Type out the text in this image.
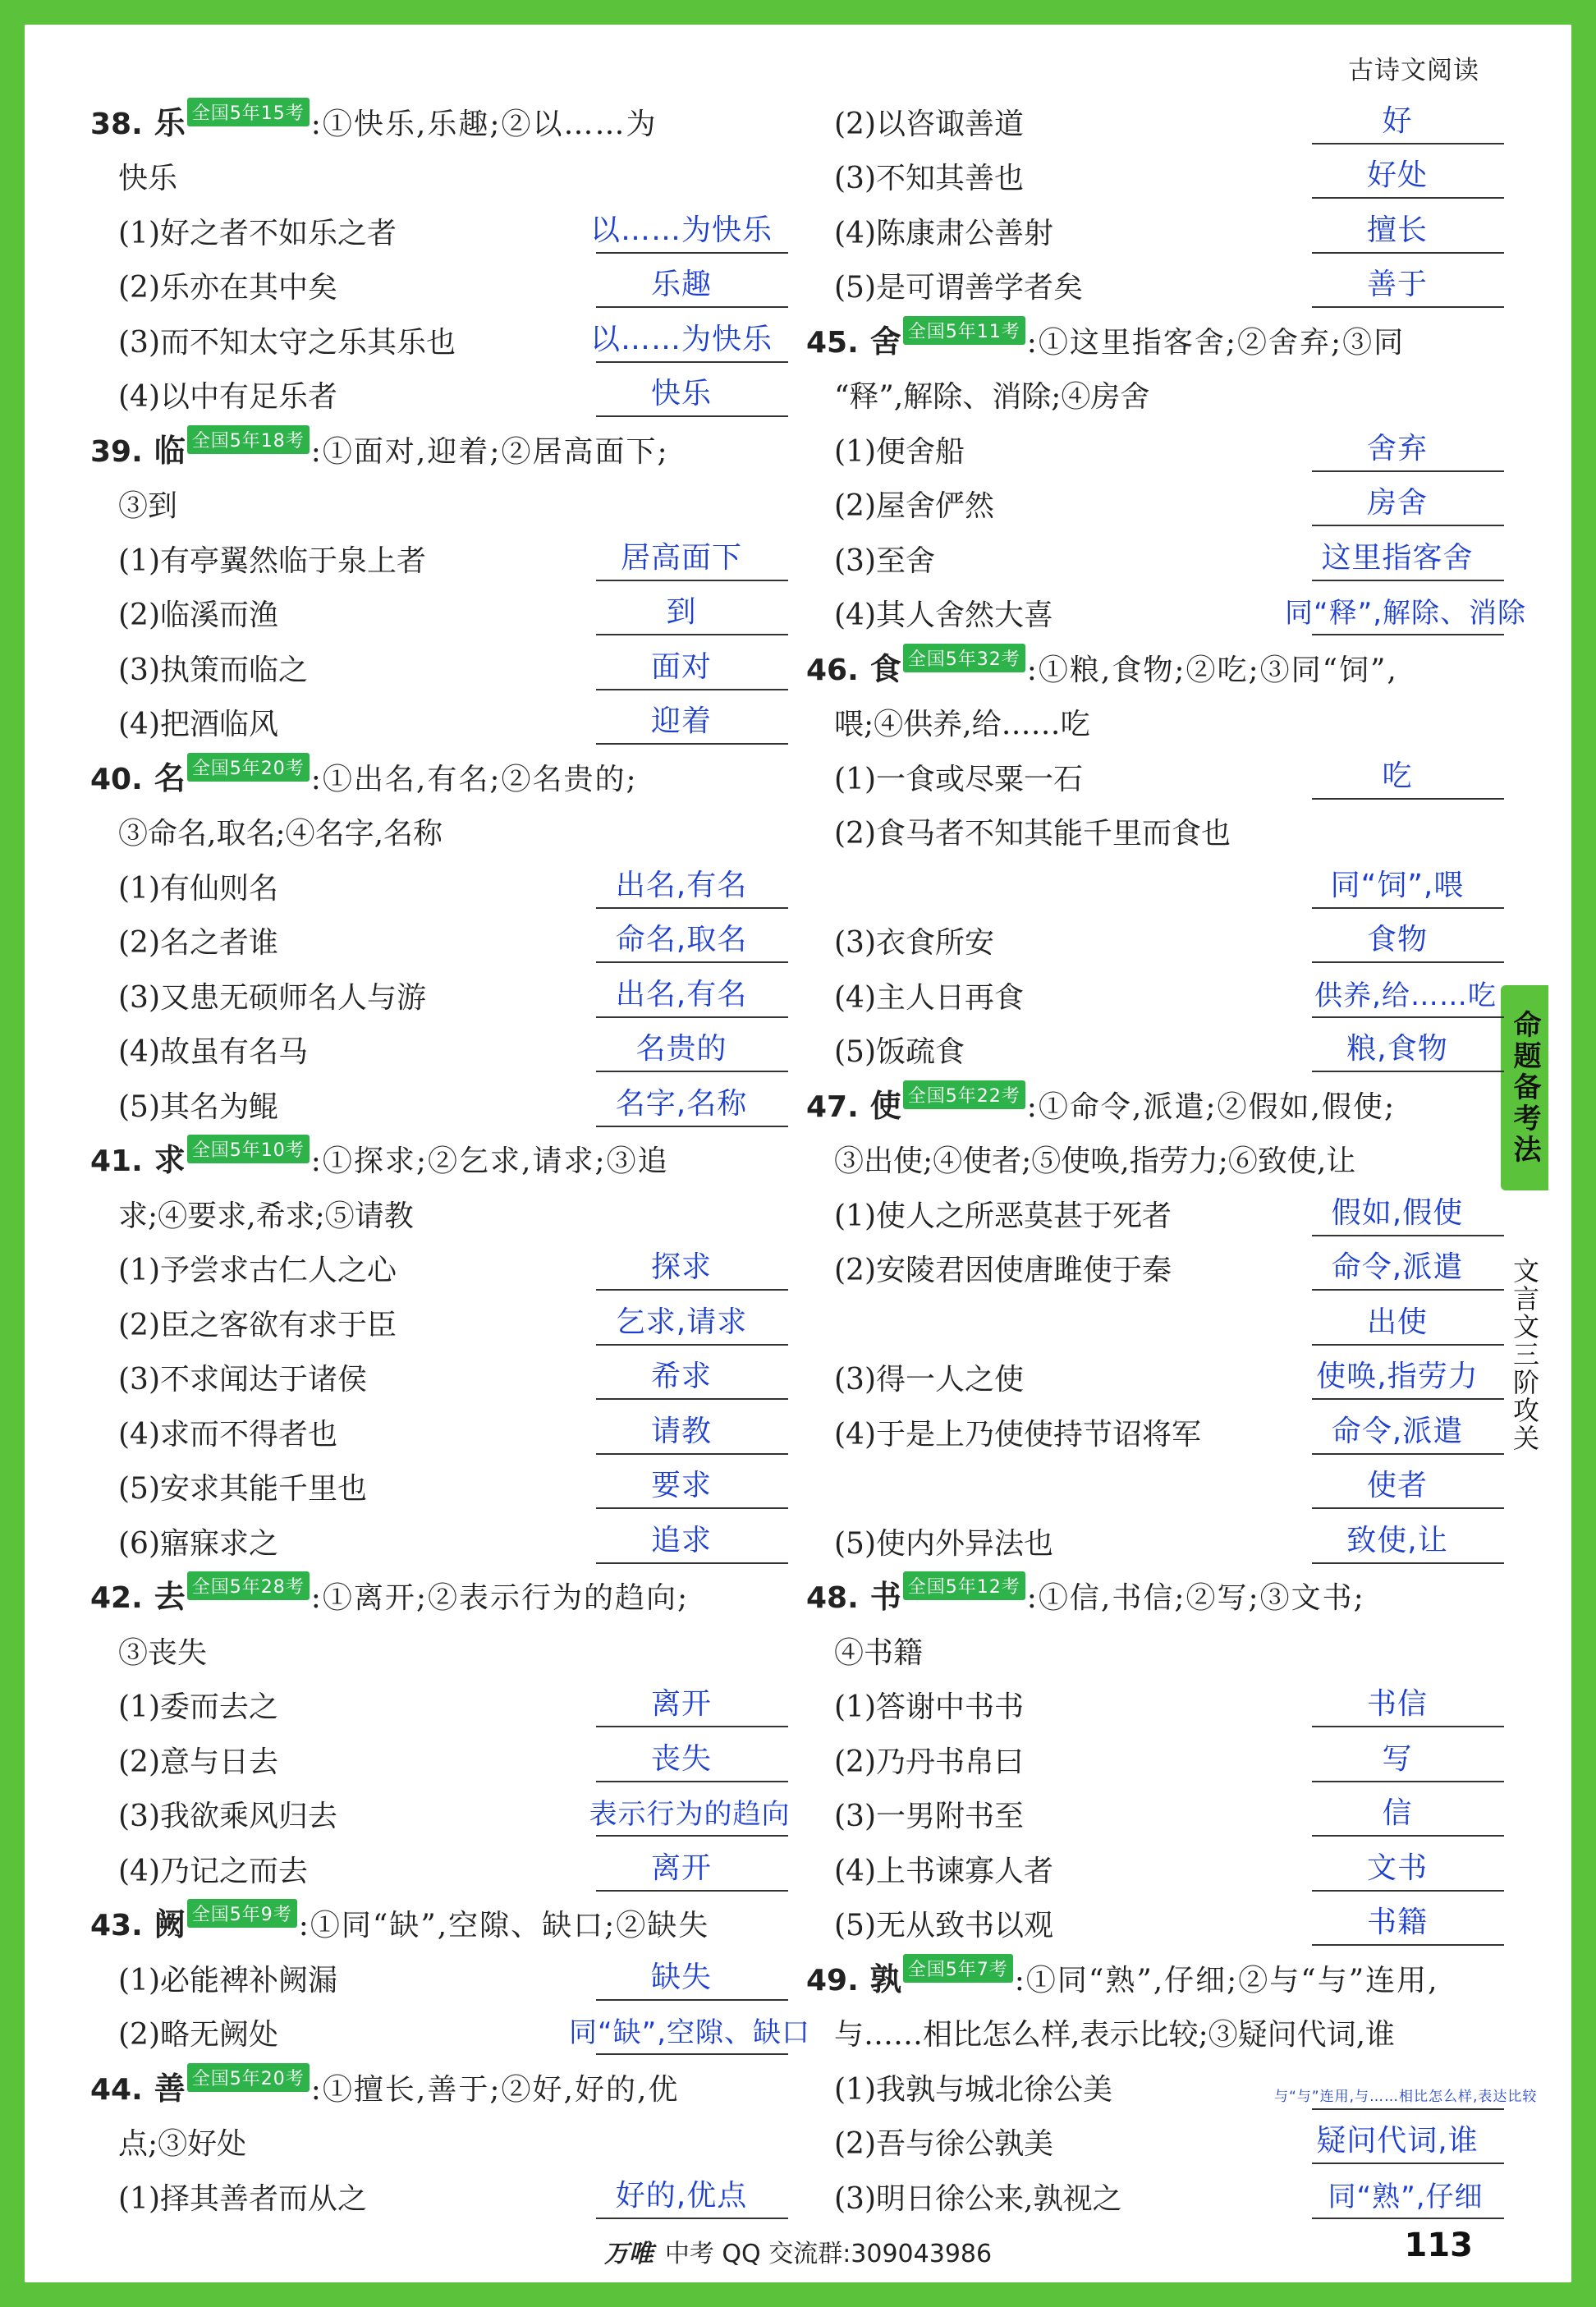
古诗文阅读
命题备考法
文言文三阶攻关
38. 乐 全国5年15考 :①快乐,乐趣;②以……为
快乐
(1)好之者不如乐之者	以……为快乐
(2)乐亦在其中矣	乐趣
(3)而不知太守之乐其乐也	以……为快乐
(4)以中有足乐者	快乐
39. 临 全国5年18考 :①面对,迎着;②居高面下;
③到
(1)有亭翼然临于泉上者	居高面下
(2)临溪而渔	到
(3)执策而临之	面对
(4)把酒临风	迎着
40. 名 全国5年20考 :①出名,有名;②名贵的;
③命名,取名;④名字,名称
(1)有仙则名	出名,有名
(2)名之者谁	命名,取名
(3)又患无硕师名人与游	出名,有名
(4)故虽有名马	名贵的
(5)其名为鲲	名字,名称
41. 求 全国5年10考 :①探求;②乞求,请求;③追
求;④要求,希求;⑤请教
(1)予尝求古仁人之心	探求
(2)臣之客欲有求于臣	乞求,请求
(3)不求闻达于诸侯	希求
(4)求而不得者也	请教
(5)安求其能千里也	要求
(6)寤寐求之	追求
42. 去 全国5年28考 :①离开;②表示行为的趋向;
③丧失
(1)委而去之	离开
(2)意与日去	丧失
(3)我欲乘风归去	表示行为的趋向
(4)乃记之而去	离开
43. 阙 全国5年9考 :①同“缺”,空隙、缺口;②缺失
(1)必能裨补阙漏	缺失
(2)略无阙处	同“缺”,空隙、缺口
44. 善 全国5年20考 :①擅长,善于;②好,好的,优
点;③好处
(1)择其善者而从之	好的,优点
(2)以咨诹善道	好
(3)不知其善也	好处
(4)陈康肃公善射	擅长
(5)是可谓善学者矣	善于
45. 舍 全国5年11考 :①这里指客舍;②舍弃;③同
“释”,解除、消除;④房舍
(1)便舍船	舍弃
(2)屋舍俨然	房舍
(3)至舍	这里指客舍
(4)其人舍然大喜	同“释”,解除、消除
46. 食 全国5年32考 :①粮,食物;②吃;③同“饲”,
喂;④供养,给……吃
(1)一食或尽粟一石	吃
(2)食马者不知其能千里而食也
同“饲”,喂
(3)衣食所安	食物
(4)主人日再食	供养,给……吃
(5)饭疏食	粮,食物
47. 使 全国5年22考 :①命令,派遣;②假如,假使;
③出使;④使者;⑤使唤,指劳力;⑥致使,让
(1)使人之所恶莫甚于死者	假如,假使
(2)安陵君因使唐雎使于秦	命令,派遣
出使
(3)得一人之使	使唤,指劳力
(4)于是上乃使使持节诏将军	命令,派遣
使者
(5)使内外异法也	致使,让
48. 书 全国5年12考 :①信,书信;②写;③文书;
④书籍
(1)答谢中书书	书信
(2)乃丹书帛曰	写
(3)一男附书至	信
(4)上书谏寡人者	文书
(5)无从致书以观	书籍
49. 孰 全国5年7考 :①同“熟”,仔细;②与“与”连用,
与……相比怎么样,表示比较;③疑问代词,谁
(1)我孰与城北徐公美	与“与”连用,与……相比怎么样,表达比较
(2)吾与徐公孰美	疑问代词,谁
(3)明日徐公来,孰视之	同“熟”,仔细
万唯 中考 QQ 交流群:309043986	113
